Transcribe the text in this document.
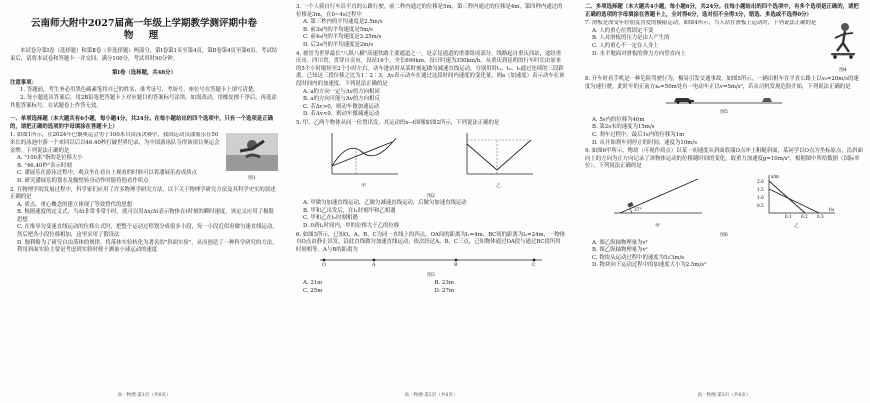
云南师大附中2027届高一年级上学期教学测评期中卷

物 理

本试卷分第Ⅰ卷（选择题）和第Ⅱ卷（非选择题）两部分。第Ⅰ卷第1页至第4页，第Ⅱ卷第4页至第6页。考试结束后，请将本试卷和答题卡一并交回。满分100分，考试用时90分钟。

第Ⅰ卷（选择题，共48分）

注意事项：

1. 答题前，考生务必用黑色碳素笔将自己的姓名、准考证号、考场号、座位号在答题卡上填写清楚。

2. 每小题选出答案后，用2B铅笔把答题卡上对应题目的答案标号涂黑。如需改动，用橡皮擦干净后，再选涂其他答案标号。在试题卷上作答无效。

一、单项选择题（本大题共有6小题，每小题4分，共24分。在每小题给出的四个选项中，只有一个选项是正确的，请把正确的选项的字母填涂在答题卡上）

图1

1. 如图1所示，在2024年巴黎奥运会男子100米自由泳决赛中，我国运动员潘展乐在50米长的泳池中游一个来回以后以46.40秒打破世界纪录，为中国游泳队夺得该项目奥运会金牌。下列说法正确的是

A. "100米"指的是位移大小

B. "46.40秒"表示时刻

C. 潘展乐在游泳过程中，观众坐在看台上观看的时候可以将潘展乐看成质点

D. 研究潘展乐的划水及触壁转身动作时能将他看作质点

2. 在物理学的发展过程中，科学家们应用了许多物理学研究方法，以下关于物理学研究方法及其科学史实的叙述正确的是

A. 质点、重心概念的建立体现了等效替代的思想

B. 根据速度的定义式，当Δt非常非常小时，就可以用Δx/Δt表示物体在t时刻的瞬时速度，该定义应用了极限思想

C. 在推导匀变速直线运动的位移公式时，把整个运动过程划分成很多小段，每一小段近似看做匀速直线运动，然后把各小段位移相加，这里采用了假设法

D. 伽利略为了研究自由落体的规律，将落体实验转化为著名的"斜面实验"，从而创造了一种科学研究的方法，利用斜面实验主要是考虑到实验时便于测量小球运动的速度

高一物理·第1页（共6页）

3. 一个人骑自行车沿平直的公路行驶，前二秒内通过的位移是5m，第三秒内通过的位移是4m，第四秒内通过的位移是3m，在0~4s过程中

A. 第三秒内的平均速度是2.5m/s

B. 前3s内的平均速度是5m/s

C. 前4s内的平均速度是3.25m/s

D. 后2s内的平均速度是2m/s

4. 被誉为世界最长"八纵八横"高速铁路主要通道之一，是京昆通道的重要组成部分，线路起自重庆西站，途经重庆市、四川省，贯穿自贡市，设站16个，全长699km，设计时速为350km/h。从重庆到昆明的行车时长由原来的5个小时缩短至2个小时左右。动车进站时从某时刻起做匀减速直线运动，分别用时t₁、t₂、t₃通过连续的三段距离，已知这三段位移之比为1∶2∶3，Δv表示动车在通过这段时间内速度的变化量，则a（加速度）表示动车在该段时间内的加速度，下列说法正确的是

A. a的方向一定与Δv的方向相同

B. a的方向可能与Δv的方向相反

C. 若Δv>0，则动车做加速运动

D. 若Δv<0，则动车做减速运动

5. 甲、乙两个物体从同一位置出发，其运动的x−t图像如图2所示，下列说法正确的是

甲	乙
图2

A. 甲做匀加速直线运动，乙做匀减速直线运动，后做匀加速直线运动

B. 甲和乙出发后，在t₁时刻甲和乙相遇

C. 甲和乙在t₂时刻相遇

D. 0到t₁时间内，甲的位移大于乙的位移

6. 如图3所示，已知O、A、B、C为同一直线上的四点，OA间的距离为l₁=4m，BC间的距离为l₂=24m，一物体自O点由静止出发，沿此直线做匀加速直线运动，依次经过A、B、C三点，已知物体通过OA段与通过BC段所用时间相等。A与B的距离为

O	A	B	C
图3
A. 21m	B. 23m
C. 25m	D. 27m
高一物理·第2页（共6页）

二、多项选择题（本大题共4小题，每小题6分，共24分。在每小题给出的四个选项中，有多个选项是正确的，请把正确的选项的字母填涂在答题卡上，全对得6分，选对但不全得3分，错选、多选或不选得0分）

图4

7. 滑板是深受年轻朋友喜爱的极限运动，如图4所示，当人站在滑板上运动时，下列说法正确的是

A. 人的重心位置固定不变

B. 人对滑板的压力是由人产生的

C. 人的重心不一定在人身上

D. 水平地面对滑板的弹力方向竖直向上

8. 开车时看手机是一种危险驾驶行为，极易引发交通事故。如图5所示，一辆出租车在平直公路上以v₀=20m/s的速度匀速行驶，此时车的正前方x₀=50m处有一电动车正以v=5m/s²，若从司机发现危险开始，下列说法正确的是

图5

A. 5s内的位移为40m

B. 第2s末的速度为15m/s

C. 刹车过程中，最后1s内的位移为1m

D. 从开始刹车到停止的时间，速度为10m/s

9. 如图6甲所示，物块（可视作质点）以某一初速度从斜面底端O点冲上粗糙斜面，某同学以O点为坐标原点，沿斜面向上的方向为正方向记录了该物体运动的位移随时间的变化，取重力加速度g=10m/s²，根据图中所给数据（国际单位），下列说法正确的是

37°
甲
2.0
1.5
1.0
0.5
0.1 0.2 0.3
t/s
x/m
乙
图6

A. 图乙纵轴物理量为v²

B. 图乙纵轴物理量为v²

C. 物块从运动过程中的速度为5√3m/s

D. 物块向下运动过程中的加速度大小为2.5m/s²

高一物理·第3页（共6页）
